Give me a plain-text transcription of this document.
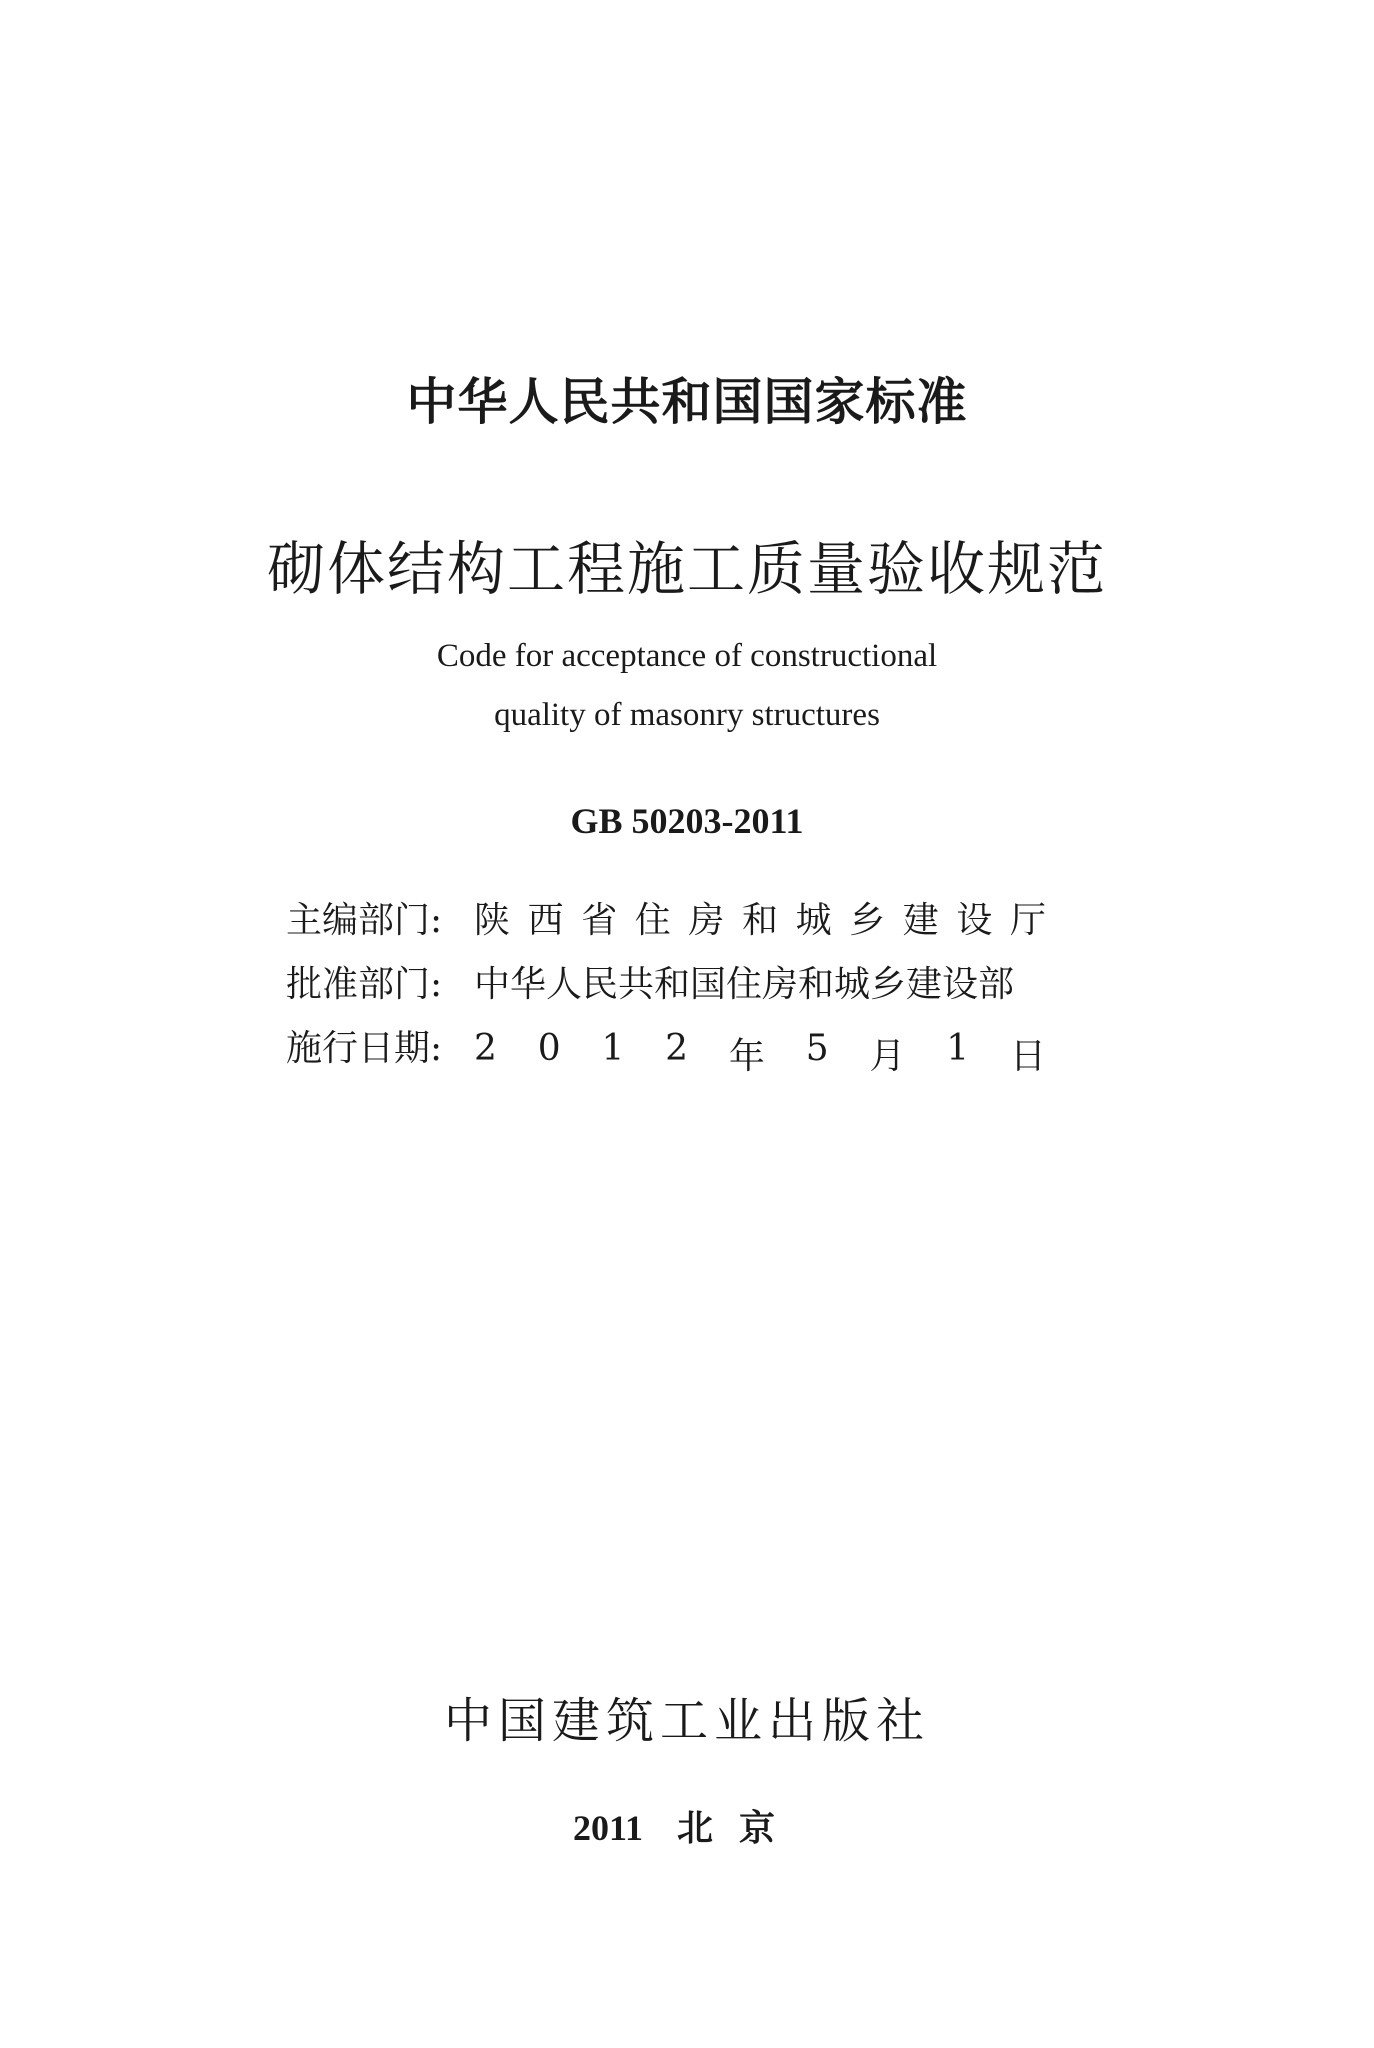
中华人民共和国国家标准
砌体结构工程施工质量验收规范
Code for acceptance of constructional
quality of masonry structures
GB 50203-2011
主编部门: 陕 西 省 住 房 和 城 乡 建 设 厅
批准部门: 中华人民共和国住房和城乡建设部
施行日期: 2 0 1 2 年 5 月 1 日
中国建筑工业出版社
2011 北京
